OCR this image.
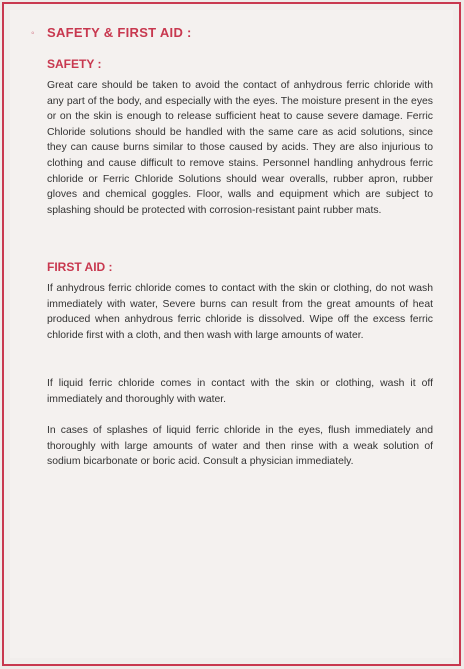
◦ SAFETY & FIRST AID :
SAFETY :

Great care should be taken to avoid the contact of anhydrous ferric chloride with any part of the body, and especially with the eyes. The moisture present in the eyes or on the skin is enough to release sufficient heat to cause severe damage. Ferric Chloride solutions should be handled with the same care as acid solutions, since they can cause burns similar to those caused by acids. They are also injurious to clothing and cause difficult to remove stains. Personnel handling anhydrous ferric chloride or Ferric Chloride Solutions should wear overalls, rubber apron, rubber gloves and chemical goggles. Floor, walls and equipment which are subject to splashing should be protected with corrosion-resistant paint rubber mats.

FIRST AID :

If anhydrous ferric chloride comes to contact with the skin or clothing, do not wash immediately with water, Severe burns can result from the great amounts of heat produced when anhydrous ferric chloride is dissolved. Wipe off the excess ferric chloride first with a cloth, and then wash with large amounts of water.

If liquid ferric chloride comes in contact with the skin or clothing, wash it off immediately and thoroughly with water.

In cases of splashes of liquid ferric chloride in the eyes, flush immediately and thoroughly with large amounts of water and then rinse with a weak solution of sodium bicarbonate or boric acid. Consult a physician immediately.
